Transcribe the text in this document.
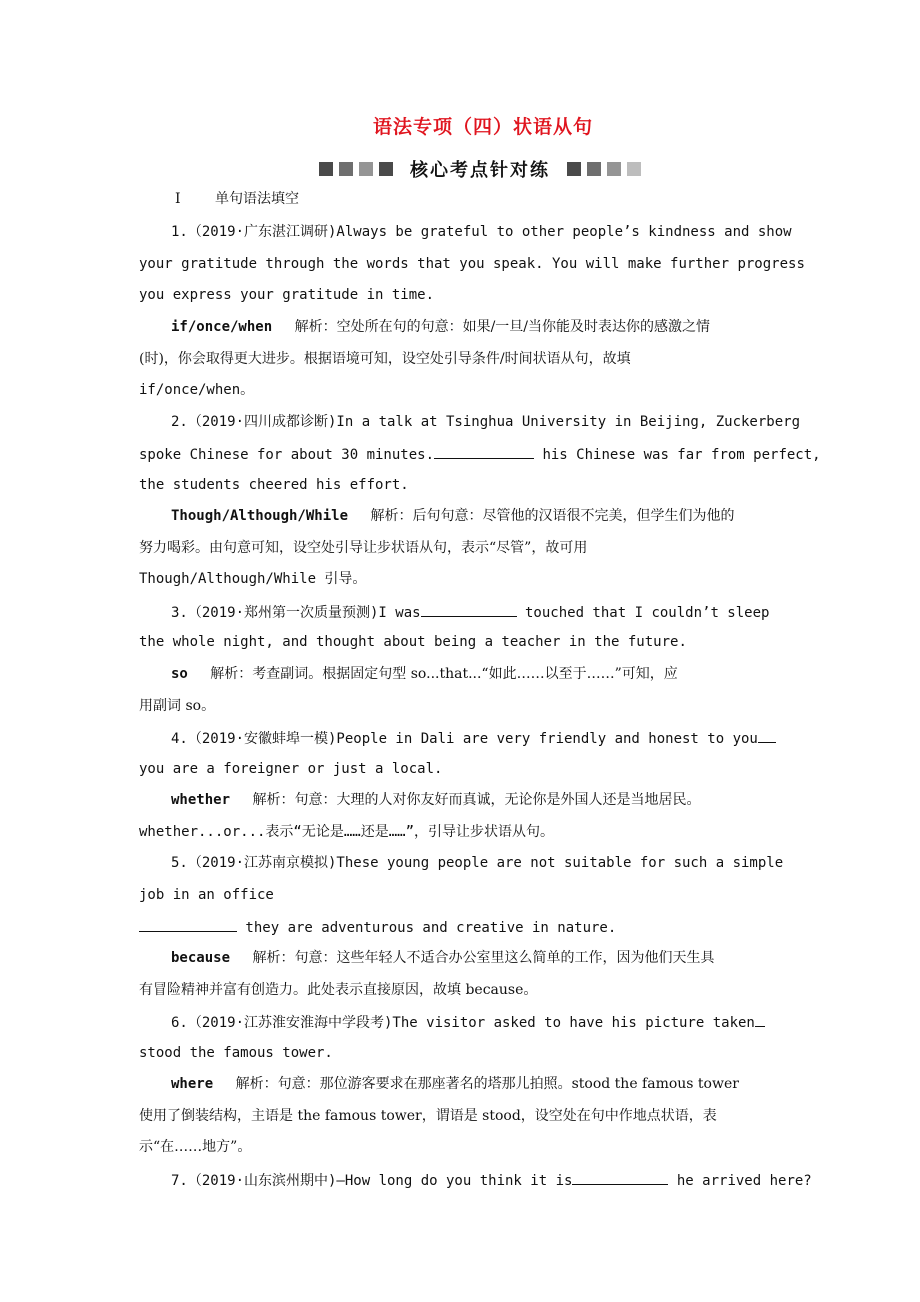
语法专项（四）状语从句
核心考点针对练
Ⅰ 单句语法填空
1.（2019·广东湛江调研)Always be grateful to other people’s kindness and show
your gratitude through the words that you speak. You will make further progress
you express your gratitude in time.
if/once/when 解析：空处所在句的句意：如果/一旦/当你能及时表达你的感激之情
(时)，你会取得更大进步。根据语境可知，设空处引导条件/时间状语从句，故填
if/once/when。
2.（2019·四川成都诊断)In a talk at Tsinghua University in Beijing, Zuckerberg
spoke Chinese for about 30 minutes.	his Chinese was far from perfect,
the students cheered his effort.
Though/Although/While 解析：后句句意：尽管他的汉语很不完美，但学生们为他的
努力喝彩。由句意可知，设空处引导让步状语从句，表示“尽管”，故可用
Though/Although/While 引导。
3.（2019·郑州第一次质量预测)I was	touched that I couldn’t sleep
the whole night, and thought about being a teacher in the future.
so 解析：考查副词。根据固定句型 so...that...“如此……以至于……”可知，应
用副词 so。
4.（2019·安徽蚌埠一模)People in Dali are very friendly and honest to you
you are a foreigner or just a local.
whether 解析：句意：大理的人对你友好而真诚，无论你是外国人还是当地居民。
whether...or...表示“无论是……还是……”，引导让步状语从句。
5.（2019·江苏南京模拟)These young people are not suitable for such a simple
job in an office
they are adventurous and creative in nature.
because 解析：句意：这些年轻人不适合办公室里这么简单的工作，因为他们天生具
有冒险精神并富有创造力。此处表示直接原因，故填 because。
6.（2019·江苏淮安淮海中学段考)The visitor asked to have his picture taken
stood the famous tower.
where 解析：句意：那位游客要求在那座著名的塔那儿拍照。stood the famous tower
使用了倒装结构，主语是 the famous tower，谓语是 stood，设空处在句中作地点状语，表
示“在……地方”。
7.（2019·山东滨州期中)—How long do you think it is	he arrived here?
